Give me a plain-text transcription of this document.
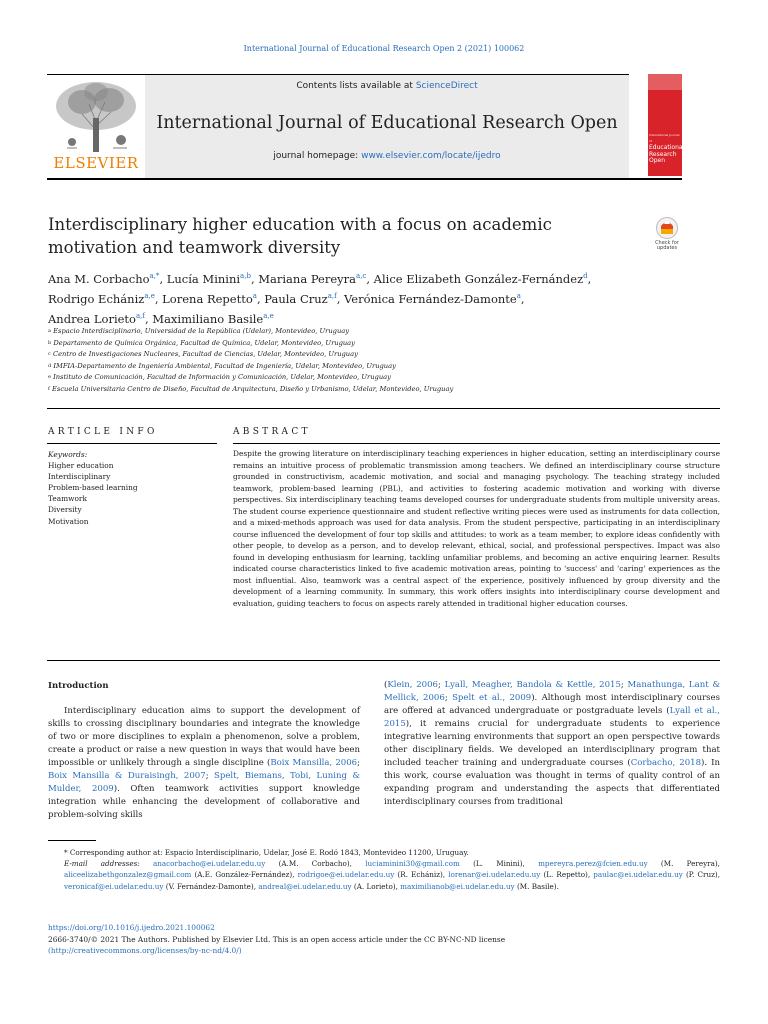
International Journal of Educational Research Open 2 (2021) 100062
ELSEVIER
Contents lists available at ScienceDirect
International Journal of Educational Research Open
journal homepage: www.elsevier.com/locate/ijedro
International Journal of
Educational
Research
Open
Interdisciplinary higher education with a focus on academic motivation and teamwork diversity	Check for
updates
Ana M. Corbacho$^{a,*}$, Lucía Minini$^{a,b}$, Mariana Pereyra$^{a,c}$, Alice Elizabeth González-Fernández$^d$,
Rodrigo Echániz$^{a,e}$, Lorena Repetto$^a$, Paula Cruz$^{a,f}$, Verónica Fernández-Damonte$^a$,
Andrea Lorieto$^{a,f}$, Maximiliano Basile$^{a,e}$
$^a$ Espacio Interdisciplinario, Universidad de la República (Udelar), Montevideo, Uruguay
$^b$ Departamento de Química Orgánica, Facultad de Química, Udelar, Montevideo, Uruguay
$^c$ Centro de Investigaciones Nucleares, Facultad de Ciencias, Udelar, Montevideo, Uruguay
$^d$ IMFIA-Departamento de Ingeniería Ambiental, Facultad de Ingeniería, Udelar, Montevideo, Uruguay
$^e$ Instituto de Comunicación, Facultad de Información y Comunicación, Udelar, Montevideo, Uruguay
$^f$ Escuela Universitaria Centro de Diseño, Facultad de Arquitectura, Diseño y Urbanismo, Udelar, Montevideo, Uruguay
ARTICLE INFO
Keywords:
Higher education
Interdisciplinary
Problem-based learning
Teamwork
Diversity
Motivation
ABSTRACT
Despite the growing literature on interdisciplinary teaching experiences in higher education, setting an interdisciplinary course remains an intuitive process of problematic transmission among teachers. We defined an interdisciplinary course structure grounded in constructivism, academic motivation, and social and managing psychology. The teaching strategy included teamwork, problem-based learning (PBL), and activities to fostering academic motivation and working with diverse perspectives. Six interdisciplinary teaching teams developed courses for undergraduate students from multiple university areas. The student course experience questionnaire and student reflective writing pieces were used as instruments for data collection, and a mixed-methods approach was used for data analysis. From the student perspective, participating in an interdisciplinary course influenced the development of four top skills and attitudes: to work as a team member, to explore ideas confidently with other people, to develop as a person, and to develop relevant, ethical, social, and professional perspectives. Impact was also found in developing enthusiasm for learning, tackling unfamiliar problems, and becoming an active enquiring learner. Results indicated course characteristics linked to five academic motivation areas, pointing to 'success' and 'caring' experiences as the most influential. Also, teamwork was a central aspect of the experience, positively influenced by group diversity and the development of a learning community. In summary, this work offers insights into interdisciplinary course development and evaluation, guiding teachers to focus on aspects rarely attended in traditional higher education courses.
Introduction
Interdisciplinary education aims to support the development of skills to crossing disciplinary boundaries and integrate the knowledge of two or more disciplines to explain a phenomenon, solve a problem, create a product or raise a new question in ways that would have been impossible or unlikely through a single discipline (Boix Mansilla, 2006; Boix Mansilla & Duraisingh, 2007; Spelt, Biemans, Tobi, Luning & Mulder, 2009). Often teamwork activities support knowledge integration while enhancing the development of collaborative and problem-solving skills
(Klein, 2006; Lyall, Meagher, Bandola & Kettle, 2015; Manathunga, Lant & Mellick, 2006; Spelt et al., 2009). Although most interdisciplinary courses are offered at advanced undergraduate or postgraduate levels (Lyall et al., 2015), it remains crucial for undergraduate students to experience integrative learning environments that support an open perspective towards other disciplinary fields. We developed an interdisciplinary program that included teacher training and undergraduate courses (Corbacho, 2018). In this work, course evaluation was thought in terms of quality control of an expanding program and understanding the aspects that differentiated interdisciplinary courses from traditional
* Corresponding author at: Espacio Interdisciplinario, Udelar, José E. Rodó 1843, Montevideo 11200, Uruguay.
E-mail addresses: anacorbacho@ei.udelar.edu.uy (A.M. Corbacho), luciaminini30@gmail.com (L. Minini), mpereyra.perez@fcien.edu.uy (M. Pereyra), aliceelizabethgonzalez@gmail.com (A.E. González-Fernández), rodrigoe@ei.udelar.edu.uy (R. Echániz), lorenar@ei.udelar.edu.uy (L. Repetto), paulac@ei.udelar.edu.uy (P. Cruz), veronicaf@ei.udelar.edu.uy (V. Fernández-Damonte), andreal@ei.udelar.edu.uy (A. Lorieto), maximilianob@ei.udelar.edu.uy (M. Basile).
https://doi.org/10.1016/j.ijedro.2021.100062
2666-3740/© 2021 The Authors. Published by Elsevier Ltd. This is an open access article under the CC BY-NC-ND license
(http://creativecommons.org/licenses/by-nc-nd/4.0/)
